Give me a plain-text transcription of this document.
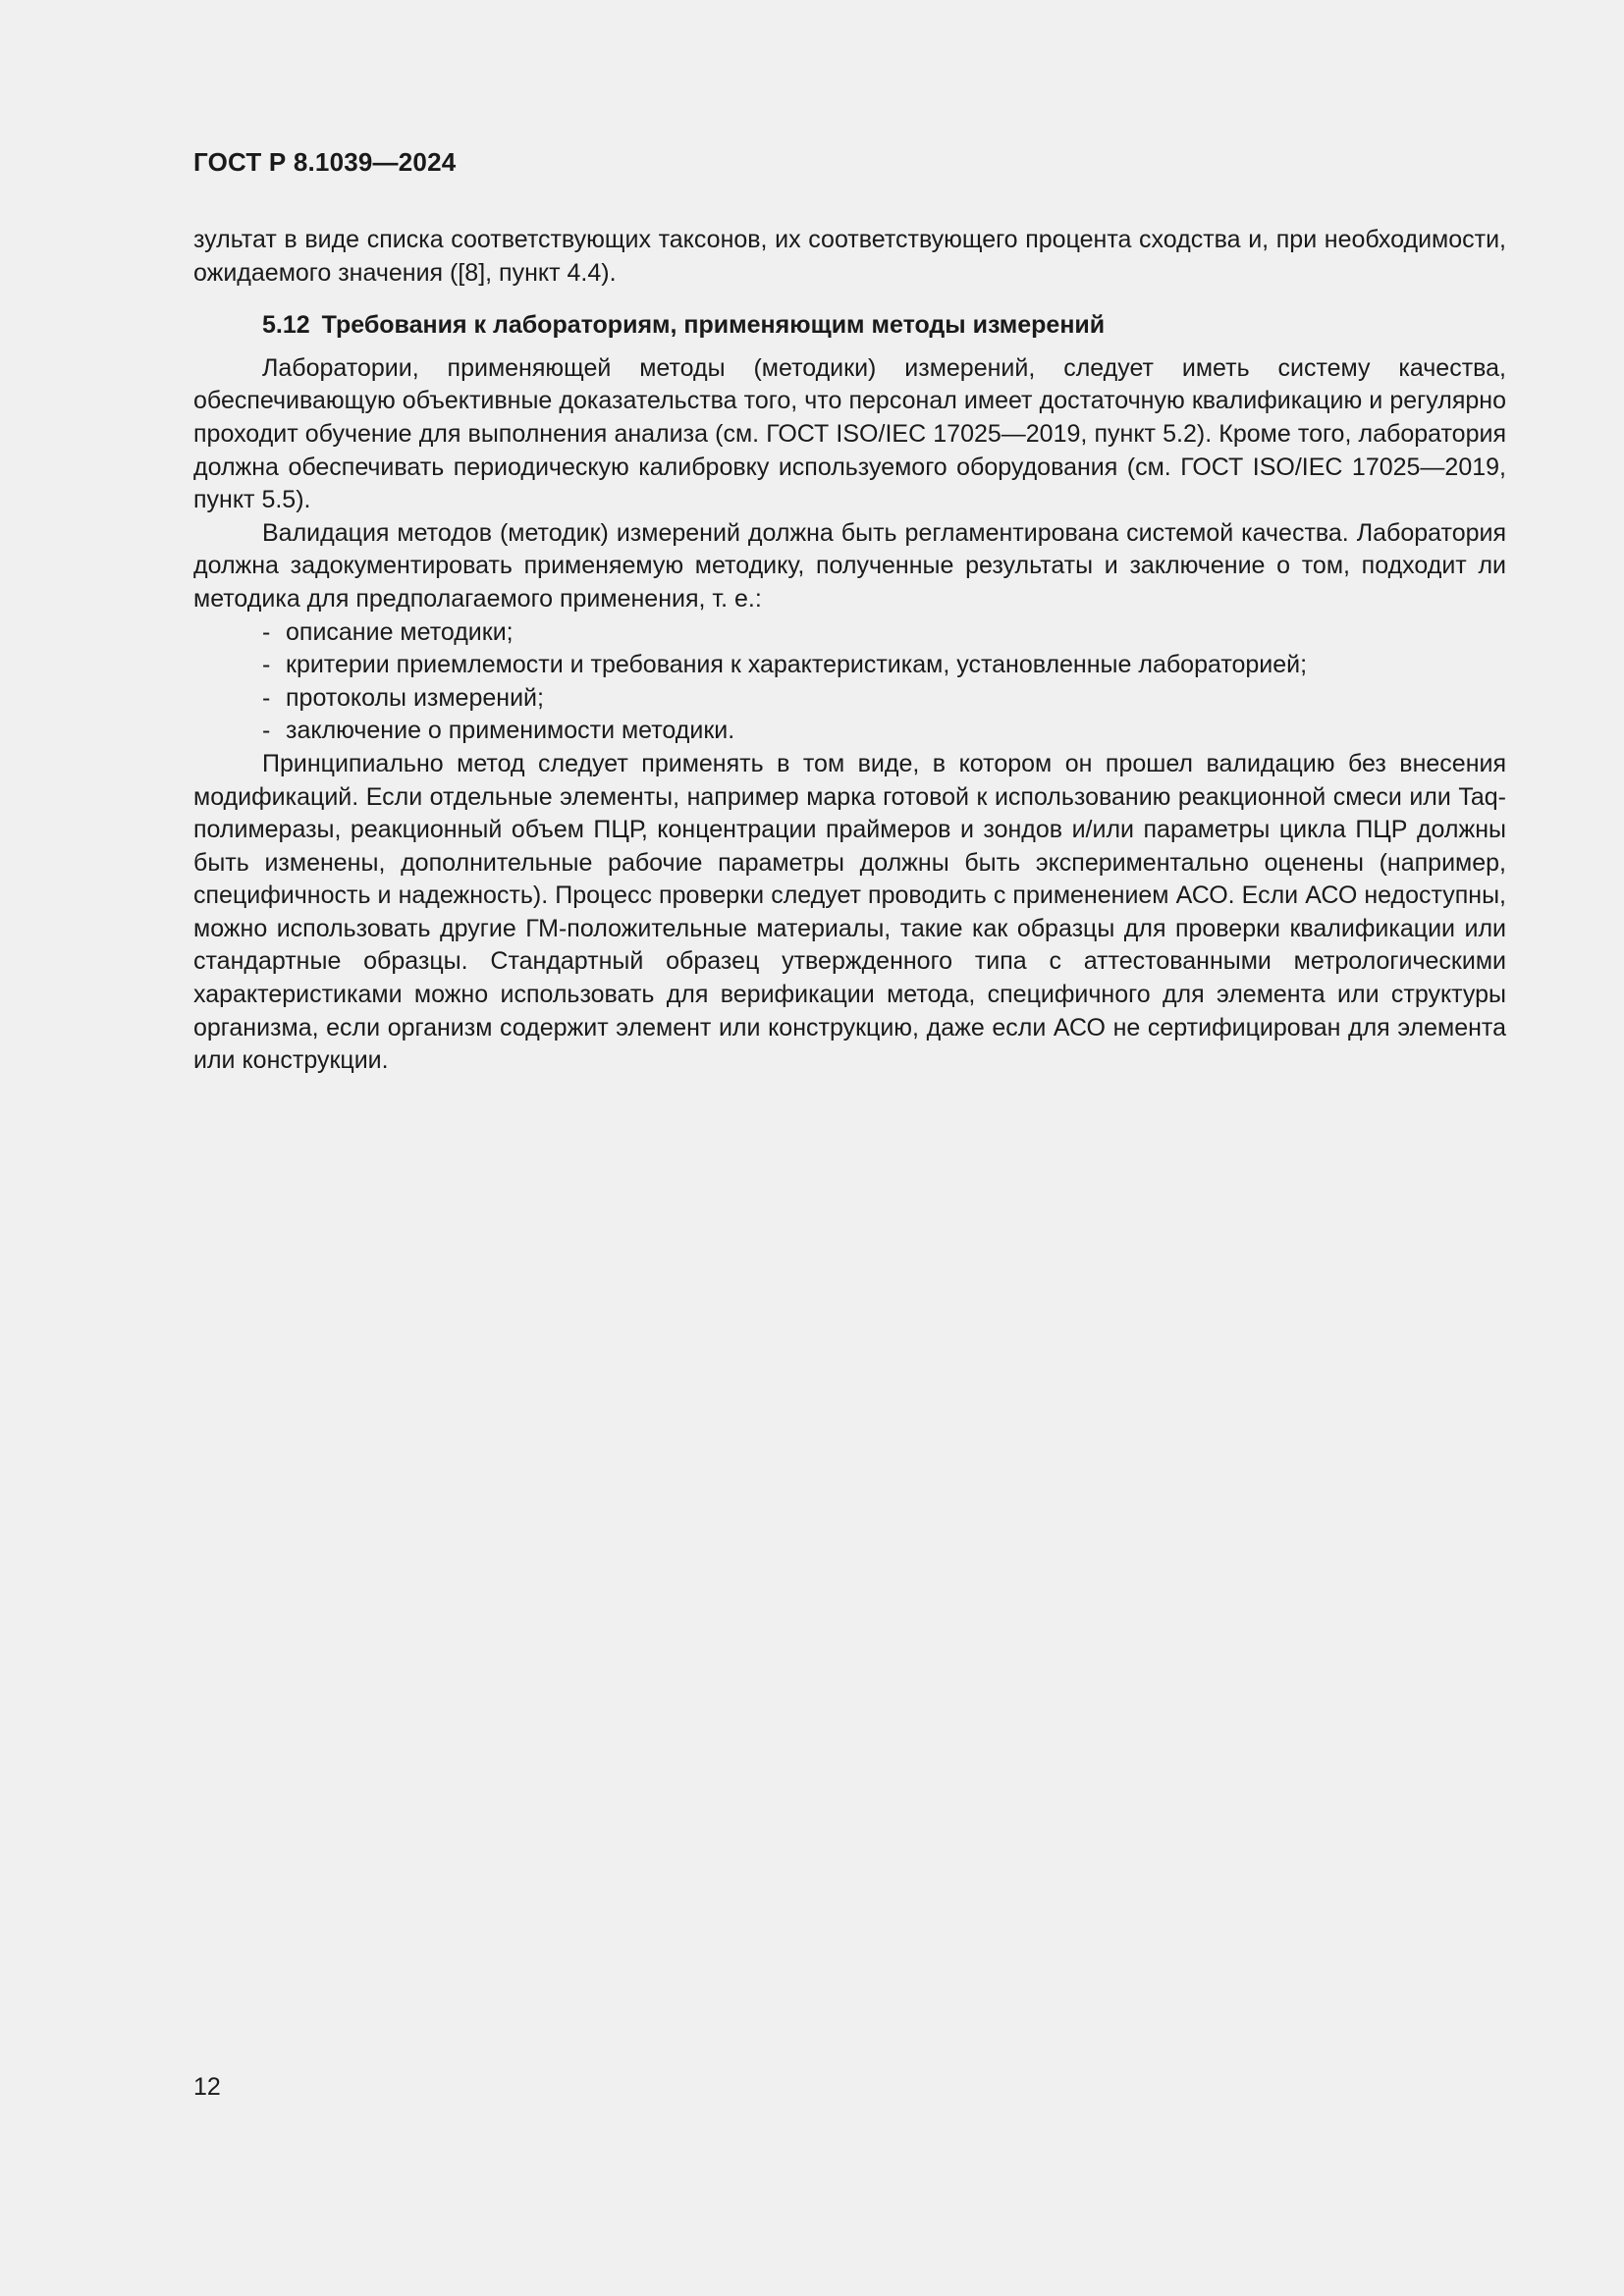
ГОСТ Р 8.1039—2024

зультат в виде списка соответствующих таксонов, их соответствующего процента сходства и, при необходимости, ожидаемого значения ([8], пункт 4.4).

5.12 Требования к лабораториям, применяющим методы измерений

Лаборатории, применяющей методы (методики) измерений, следует иметь систему качества, обеспечивающую объективные доказательства того, что персонал имеет достаточную квалификацию и регулярно проходит обучение для выполнения анализа (см. ГОСТ ISO/IEC 17025—2019, пункт 5.2). Кроме того, лаборатория должна обеспечивать периодическую калибровку используемого оборудования (см. ГОСТ ISO/IEC 17025—2019, пункт 5.5).

Валидация методов (методик) измерений должна быть регламентирована системой качества. Лаборатория должна задокументировать применяемую методику, полученные результаты и заключение о том, подходит ли методика для предполагаемого применения, т. е.:

- описание методики;
- критерии приемлемости и требования к характеристикам, установленные лабораторией;
- протоколы измерений;
- заключение о применимости методики.

Принципиально метод следует применять в том виде, в котором он прошел валидацию без внесения модификаций. Если отдельные элементы, например марка готовой к использованию реакционной смеси или Taq-полимеразы, реакционный объем ПЦР, концентрации праймеров и зондов и/или параметры цикла ПЦР должны быть изменены, дополнительные рабочие параметры должны быть экспериментально оценены (например, специфичность и надежность). Процесс проверки следует проводить с применением АСО. Если АСО недоступны, можно использовать другие ГМ-положительные материалы, такие как образцы для проверки квалификации или стандартные образцы. Стандартный образец утвержденного типа с аттестованными метрологическими характеристиками можно использовать для верификации метода, специфичного для элемента или структуры организма, если организм содержит элемент или конструкцию, даже если АСО не сертифицирован для элемента или конструкции.

12
